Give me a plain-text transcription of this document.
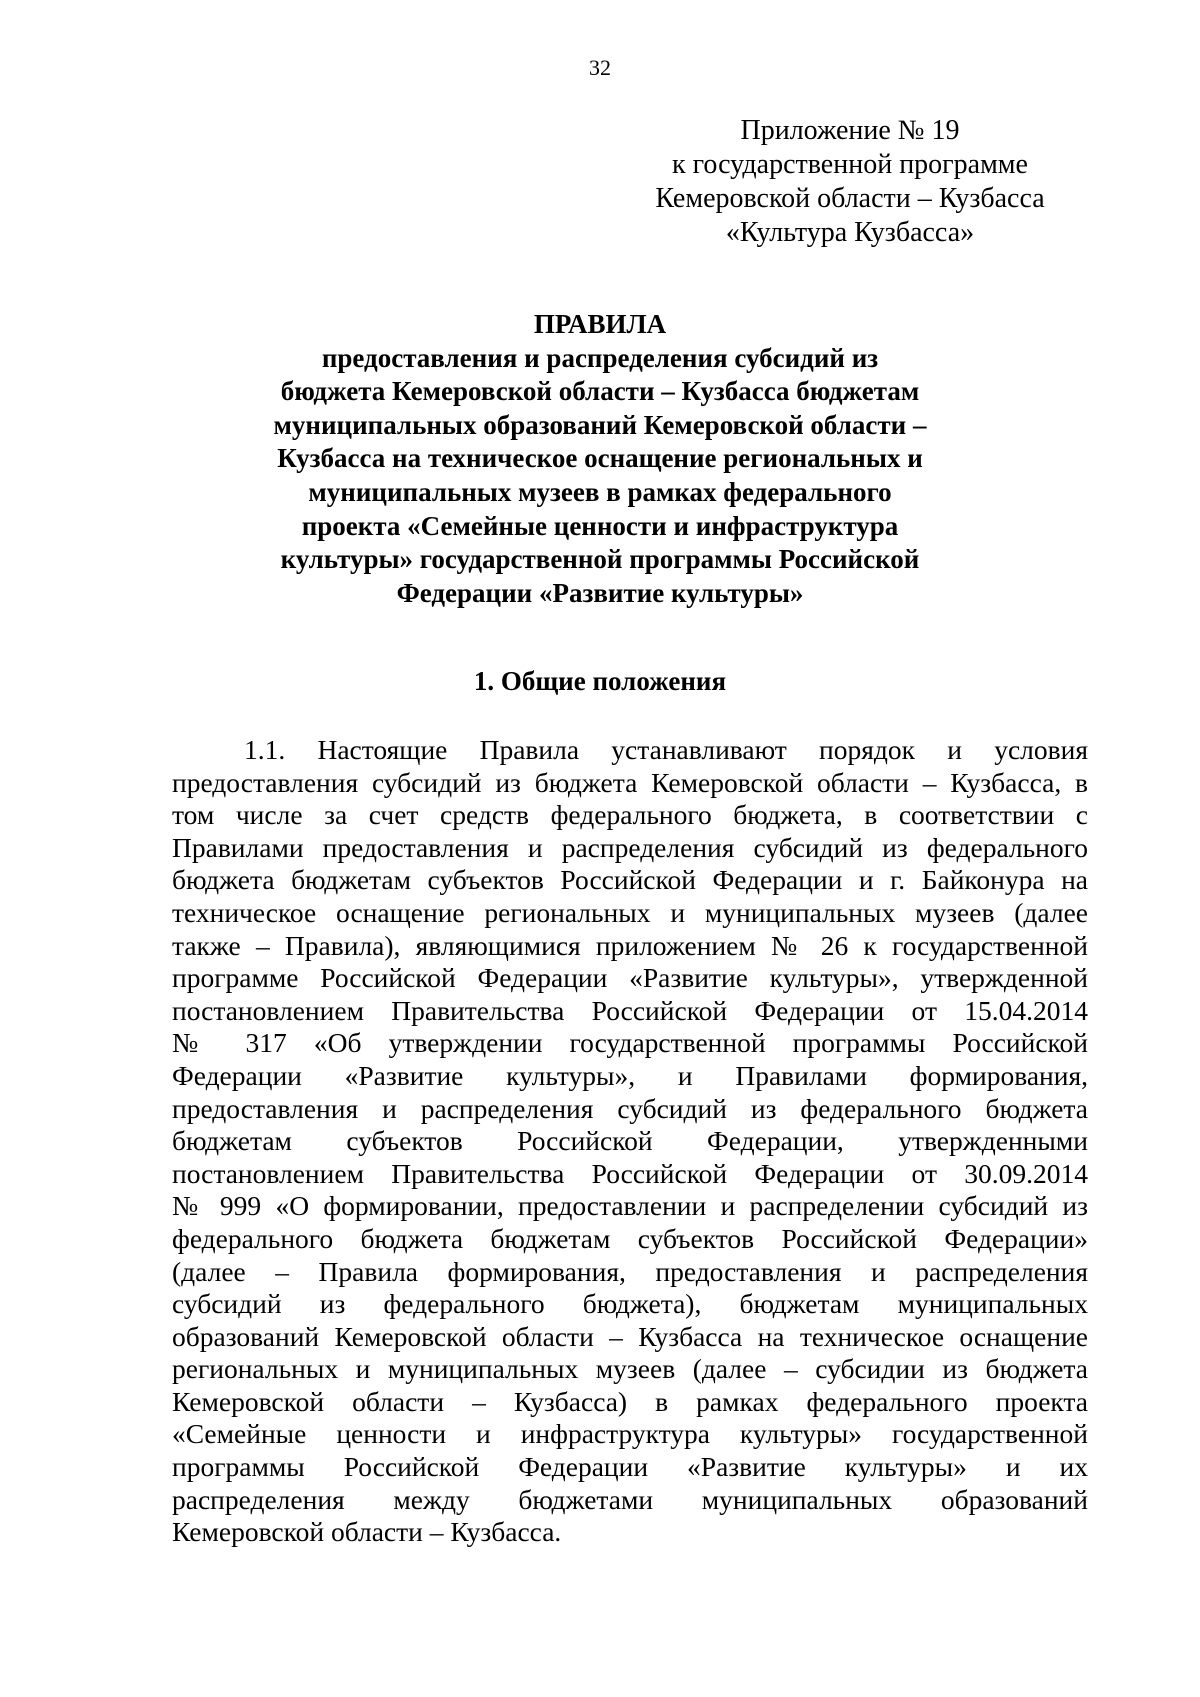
32
Приложение № 19
к государственной программе
Кемеровской области – Кузбасса
«Культура Кузбасса»
ПРАВИЛА
предоставления и распределения субсидий из
бюджета Кемеровской области – Кузбасса бюджетам
муниципальных образований Кемеровской области –
Кузбасса на техническое оснащение региональных и
муниципальных музеев в рамках федерального
проекта «Семейные ценности и инфраструктура
культуры» государственной программы Российской
Федерации «Развитие культуры»
1. Общие положения
1.1. Настоящие Правила устанавливают порядок и условия
предоставления субсидий из бюджета Кемеровской области – Кузбасса, в
том числе за счет средств федерального бюджета, в соответствии с
Правилами предоставления и распределения субсидий из федерального
бюджета бюджетам субъектов Российской Федерации и г. Байконура на
техническое оснащение региональных и муниципальных музеев (далее
также – Правила), являющимися приложением № 26 к государственной
программе Российской Федерации «Развитие культуры», утвержденной
постановлением Правительства Российской Федерации от 15.04.2014
№ 317 «Об утверждении государственной программы Российской
Федерации «Развитие культуры», и Правилами формирования,
предоставления и распределения субсидий из федерального бюджета
бюджетам субъектов Российской Федерации, утвержденными
постановлением Правительства Российской Федерации от 30.09.2014
№ 999 «О формировании, предоставлении и распределении субсидий из
федерального бюджета бюджетам субъектов Российской Федерации»
(далее – Правила формирования, предоставления и распределения
субсидий из федерального бюджета), бюджетам муниципальных
образований Кемеровской области – Кузбасса на техническое оснащение
региональных и муниципальных музеев (далее – субсидии из бюджета
Кемеровской области – Кузбасса) в рамках федерального проекта
«Семейные ценности и инфраструктура культуры» государственной
программы Российской Федерации «Развитие культуры» и их
распределения между бюджетами муниципальных образований
Кемеровской области – Кузбасса.
